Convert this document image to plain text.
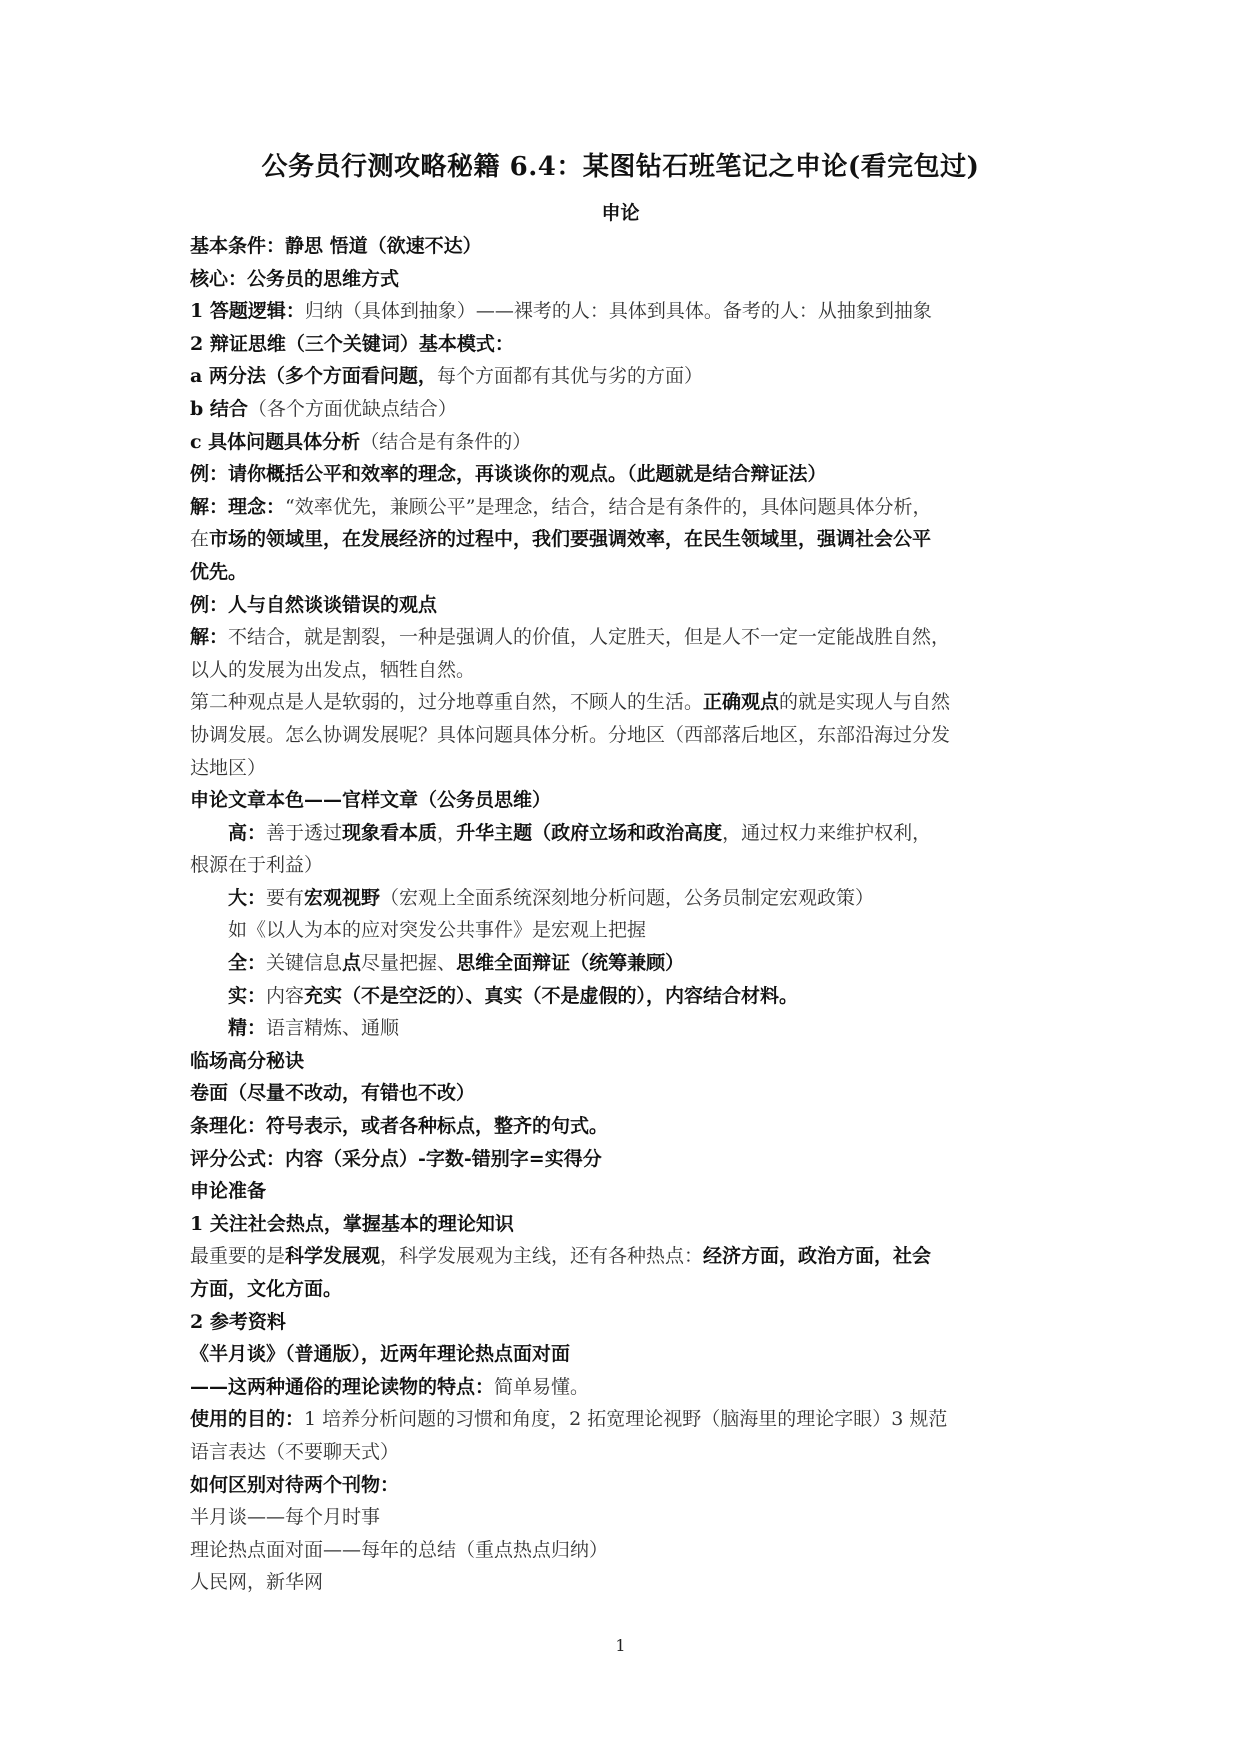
公务员行测攻略秘籍 6.4：某图钻石班笔记之申论(看完包过)
申论
基本条件：静思 悟道（欲速不达）
核心：公务员的思维方式
1 答题逻辑：归纳（具体到抽象）——裸考的人：具体到具体。备考的人：从抽象到抽象
2 辩证思维（三个关键词）基本模式：
a 两分法（多个方面看问题，每个方面都有其优与劣的方面）
b 结合（各个方面优缺点结合）
c 具体问题具体分析（结合是有条件的）
例：请你概括公平和效率的理念，再谈谈你的观点。（此题就是结合辩证法）
解：理念：“效率优先，兼顾公平”是理念，结合，结合是有条件的，具体问题具体分析，
在市场的领域里，在发展经济的过程中，我们要强调效率，在民生领域里，强调社会公平
优先。
例：人与自然谈谈错误的观点
解：不结合，就是割裂，一种是强调人的价值，人定胜天，但是人不一定一定能战胜自然，
以人的发展为出发点，牺牲自然。
第二种观点是人是软弱的，过分地尊重自然，不顾人的生活。正确观点的就是实现人与自然
协调发展。怎么协调发展呢？具体问题具体分析。分地区（西部落后地区，东部沿海过分发
达地区）
申论文章本色——官样文章（公务员思维）
高：善于透过现象看本质，升华主题（政府立场和政治高度，通过权力来维护权利，
根源在于利益）
大：要有宏观视野（宏观上全面系统深刻地分析问题，公务员制定宏观政策）
如《以人为本的应对突发公共事件》是宏观上把握
全：关键信息点尽量把握、思维全面辩证（统筹兼顾）
实：内容充实（不是空泛的）、真实（不是虚假的），内容结合材料。
精：语言精炼、通顺
临场高分秘诀
卷面（尽量不改动，有错也不改）
条理化：符号表示，或者各种标点，整齐的句式。
评分公式：内容（采分点）-字数-错别字=实得分
申论准备
1 关注社会热点，掌握基本的理论知识
最重要的是科学发展观，科学发展观为主线，还有各种热点：经济方面，政治方面，社会
方面，文化方面。
2 参考资料
《半月谈》（普通版），近两年理论热点面对面
——这两种通俗的理论读物的特点：简单易懂。
使用的目的：1 培养分析问题的习惯和角度，2 拓宽理论视野（脑海里的理论字眼）3 规范
语言表达（不要聊天式）
如何区别对待两个刊物：
半月谈——每个月时事
理论热点面对面——每年的总结（重点热点归纳）
人民网，新华网
1
